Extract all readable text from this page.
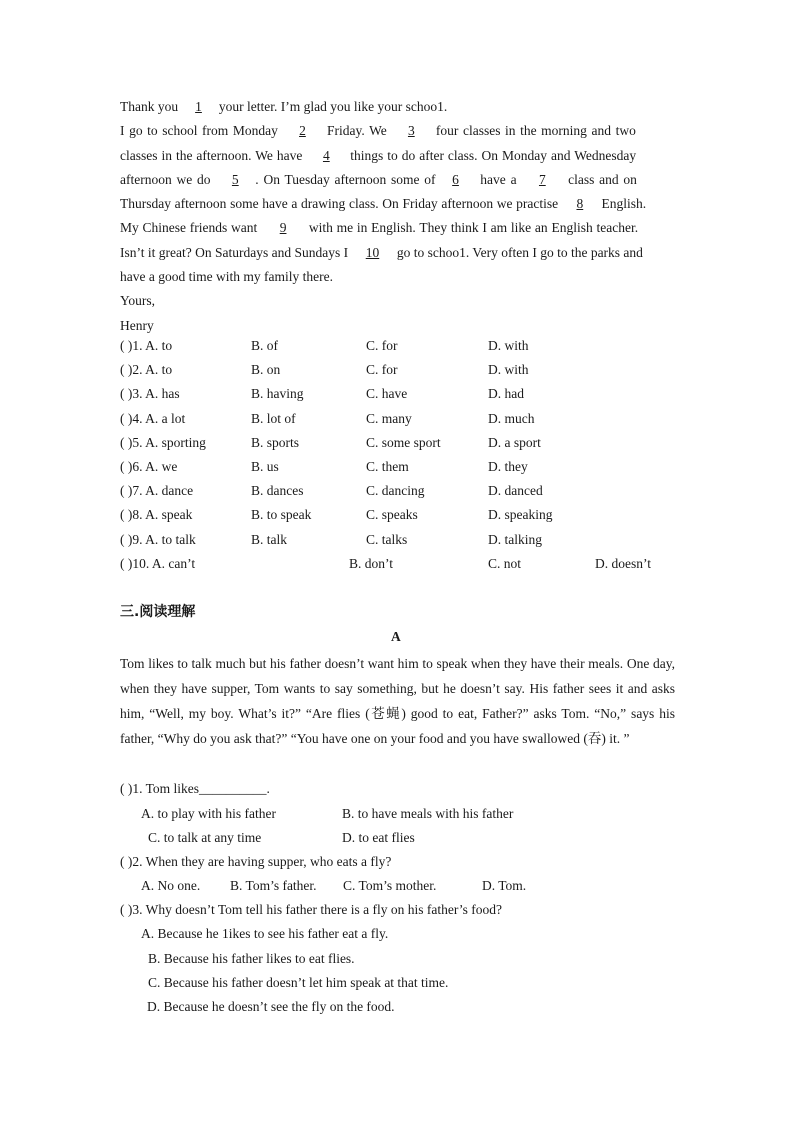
Thank you 1 your letter. I’m glad you like your schoo1.
I go to school from Monday 2 Friday. We 3 four classes in the morning and two
classes in the afternoon. We have 4 things to do after class. On Monday and Wednesday
afternoon we do 5 . On Tuesday afternoon some of 6 have a 7 class and on
Thursday afternoon some have a drawing class. On Friday afternoon we practise 8 English.
My Chinese friends want 9 with me in English. They think I am like an English teacher.
Isn’t it great? On Saturdays and Sundays I 10 go to schoo1. Very often I go to the parks and
have a good time with my family there.
Yours,
Henry

( )1. A. to	B. of	C. for	D. with
( )2. A. to	B. on	C. for	D. with
( )3. A. has	B. having	C. have	D. had
( )4. A. a lot	B. lot of	C. many	D. much
( )5. A. sporting	B. sports	C. some sport	D. a sport
( )6. A. we	B. us	C. them	D. they
( )7. A. dance	B. dances	C. dancing	D. danced
( )8. A. speak	B. to speak	C. speaks	D. speaking
( )9. A. to talk	B. talk	C. talks	D. talking
( )10. A. can’t	B. don’t	C. not	D. doesn’t
三.阅读理解
A
Tom likes to talk much but his father doesn’t want him to speak when they have their meals. One day, when they have supper, Tom wants to say something, but he doesn’t say. His father sees it and asks him, “Well, my boy. What’s it?” “Are flies (苍蝇) good to eat, Father?” asks Tom. “No,” says his father, “Why do you ask that?” “You have one on your food and you have swallowed (吞) it. ”
( )1. Tom likes__________.
A. to play with his father	B. to have meals with his father
C. to talk at any time	D. to eat flies
( )2. When they are having supper, who eats a fly?
A. No one. B. Tom’s father. C. Tom’s mother.	D. Tom.
( )3. Why doesn’t Tom tell his father there is a fly on his father’s food?
A. Because he 1ikes to see his father eat a fly.
B. Because his father likes to eat flies.
C. Because his father doesn’t let him speak at that time.
D. Because he doesn’t see the fly on the food.
